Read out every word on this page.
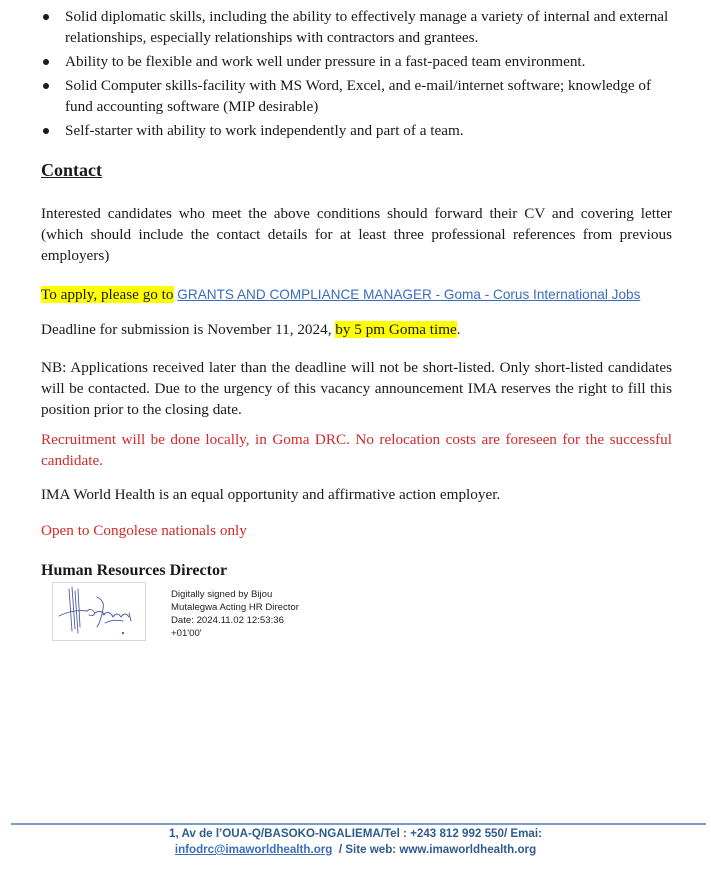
Solid diplomatic skills, including the ability to effectively manage a variety of internal and external relationships, especially relationships with contractors and grantees.
Ability to be flexible and work well under pressure in a fast-paced team environment.
Solid Computer skills-facility with MS Word, Excel, and e-mail/internet software; knowledge of fund accounting software (MIP desirable)
Self-starter with ability to work independently and part of a team.
Contact

Interested candidates who meet the above conditions should forward their CV and covering letter (which should include the contact details for at least three professional references from previous employers)

To apply, please go to GRANTS AND COMPLIANCE MANAGER - Goma - Corus International Jobs

Deadline for submission is November 11, 2024, by 5 pm Goma time.

NB: Applications received later than the deadline will not be short-listed. Only short-listed candidates will be contacted. Due to the urgency of this vacancy announcement IMA reserves the right to fill this position prior to the closing date.

Recruitment will be done locally, in Goma DRC. No relocation costs are foreseen for the successful candidate.

IMA World Health is an equal opportunity and affirmative action employer.

Open to Congolese nationals only

Human Resources Director
Digitally signed by Bijou
Mutalegwa Acting HR Director
Date: 2024.11.02 12:53:36
+01'00'
1, Av de l’OUA-Q/BASOKO-NGALIEMA/Tel : +243 812 992 550/ Emai:
infodrc@imaworldhealth.org  / Site web: www.imaworldhealth.org
